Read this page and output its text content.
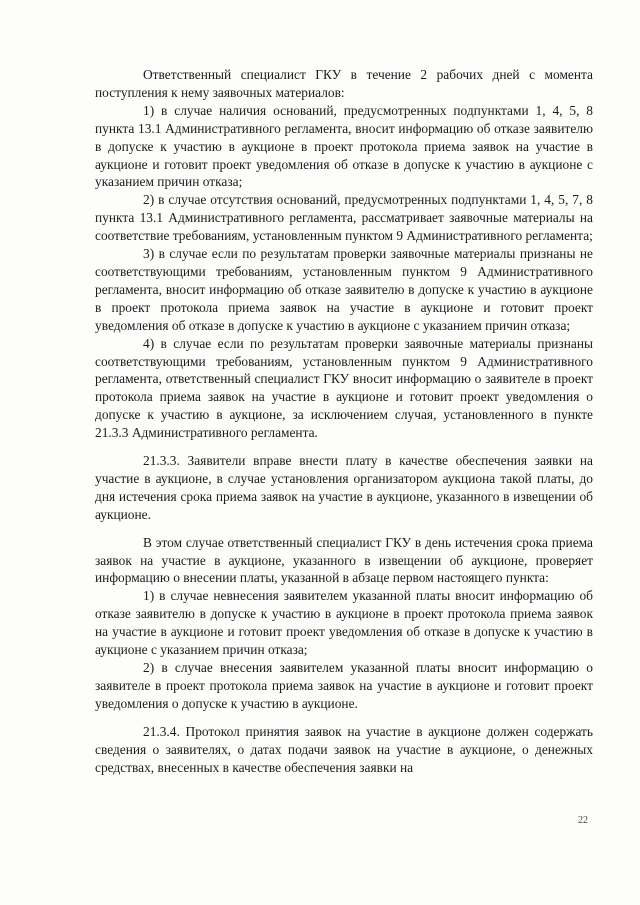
Ответственный специалист ГКУ в течение 2 рабочих дней с момента поступления к нему заявочных материалов:

1) в случае наличия оснований, предусмотренных подпунктами 1, 4, 5, 8 пункта 13.1 Административного регламента, вносит информацию об отказе заявителю в допуске к участию в аукционе в проект протокола приема заявок на участие в аукционе и готовит проект уведомления об отказе в допуске к участию в аукционе с указанием причин отказа;

2) в случае отсутствия оснований, предусмотренных подпунктами 1, 4, 5, 7, 8 пункта 13.1 Административного регламента, рассматривает заявочные материалы на соответствие требованиям, установленным пунктом 9 Административного регламента;

3) в случае если по результатам проверки заявочные материалы признаны не соответствующими требованиям, установленным пунктом 9 Административного регламента, вносит информацию об отказе заявителю в допуске к участию в аукционе в проект протокола приема заявок на участие в аукционе и готовит проект уведомления об отказе в допуске к участию в аукционе с указанием причин отказа;

4) в случае если по результатам проверки заявочные материалы признаны соответствующими требованиям, установленным пунктом 9 Административного регламента, ответственный специалист ГКУ вносит информацию о заявителе в проект протокола приема заявок на участие в аукционе и готовит проект уведомления о допуске к участию в аукционе, за исключением случая, установленного в пункте 21.3.3 Административного регламента.

21.3.3. Заявители вправе внести плату в качестве обеспечения заявки на участие в аукционе, в случае установления организатором аукциона такой платы, до дня истечения срока приема заявок на участие в аукционе, указанного в извещении об аукционе.

В этом случае ответственный специалист ГКУ в день истечения срока приема заявок на участие в аукционе, указанного в извещении об аукционе, проверяет информацию о внесении платы, указанной в абзаце первом настоящего пункта:

1) в случае невнесения заявителем указанной платы вносит информацию об отказе заявителю в допуске к участию в аукционе в проект протокола приема заявок на участие в аукционе и готовит проект уведомления об отказе в допуске к участию в аукционе с указанием причин отказа;

2) в случае внесения заявителем указанной платы вносит информацию о заявителе в проект протокола приема заявок на участие в аукционе и готовит проект уведомления о допуске к участию в аукционе.

21.3.4. Протокол принятия заявок на участие в аукционе должен содержать сведения о заявителях, о датах подачи заявок на участие в аукционе, о денежных средствах, внесенных в качестве обеспечения заявки на

22
